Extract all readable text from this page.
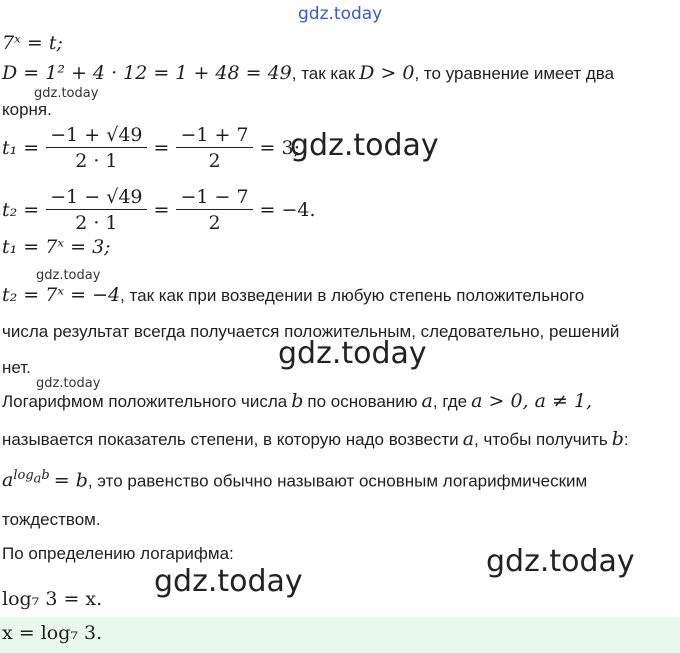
gdz.today
gdz.today
gdz.today
gdz.today
gdz.today
gdz.today
gdz.today
gdz.today
7ˣ = t;
D = 1² + 4 · 12 = 1 + 48 = 49, так как D > 0, то уравнение имеет два
корня.
$t_1 = \frac{-1 + √49}{2 \cdot 1} = \frac{-1 + 7}{2} = 3$;
$t_2 = \frac{-1 - √49}{2 \cdot 1} = \frac{-1 - 7}{2} = -4$.
t₁ = 7ˣ = 3;
t₂ = 7ˣ = −4, так как при возведении в любую степень положительного
числа результат всегда получается положительным, следовательно, решений
нет.
Логарифмом положительного числа b по основанию a, где a > 0, a ≠ 1,
называется показатель степени, в которую надо возвести a, чтобы получить b:
$a^{log_ab} = b$, это равенство обычно называют основным логарифмическим
тождеством.
По определению логарифма:
log₇ 3 = x.
x = log₇ 3.
